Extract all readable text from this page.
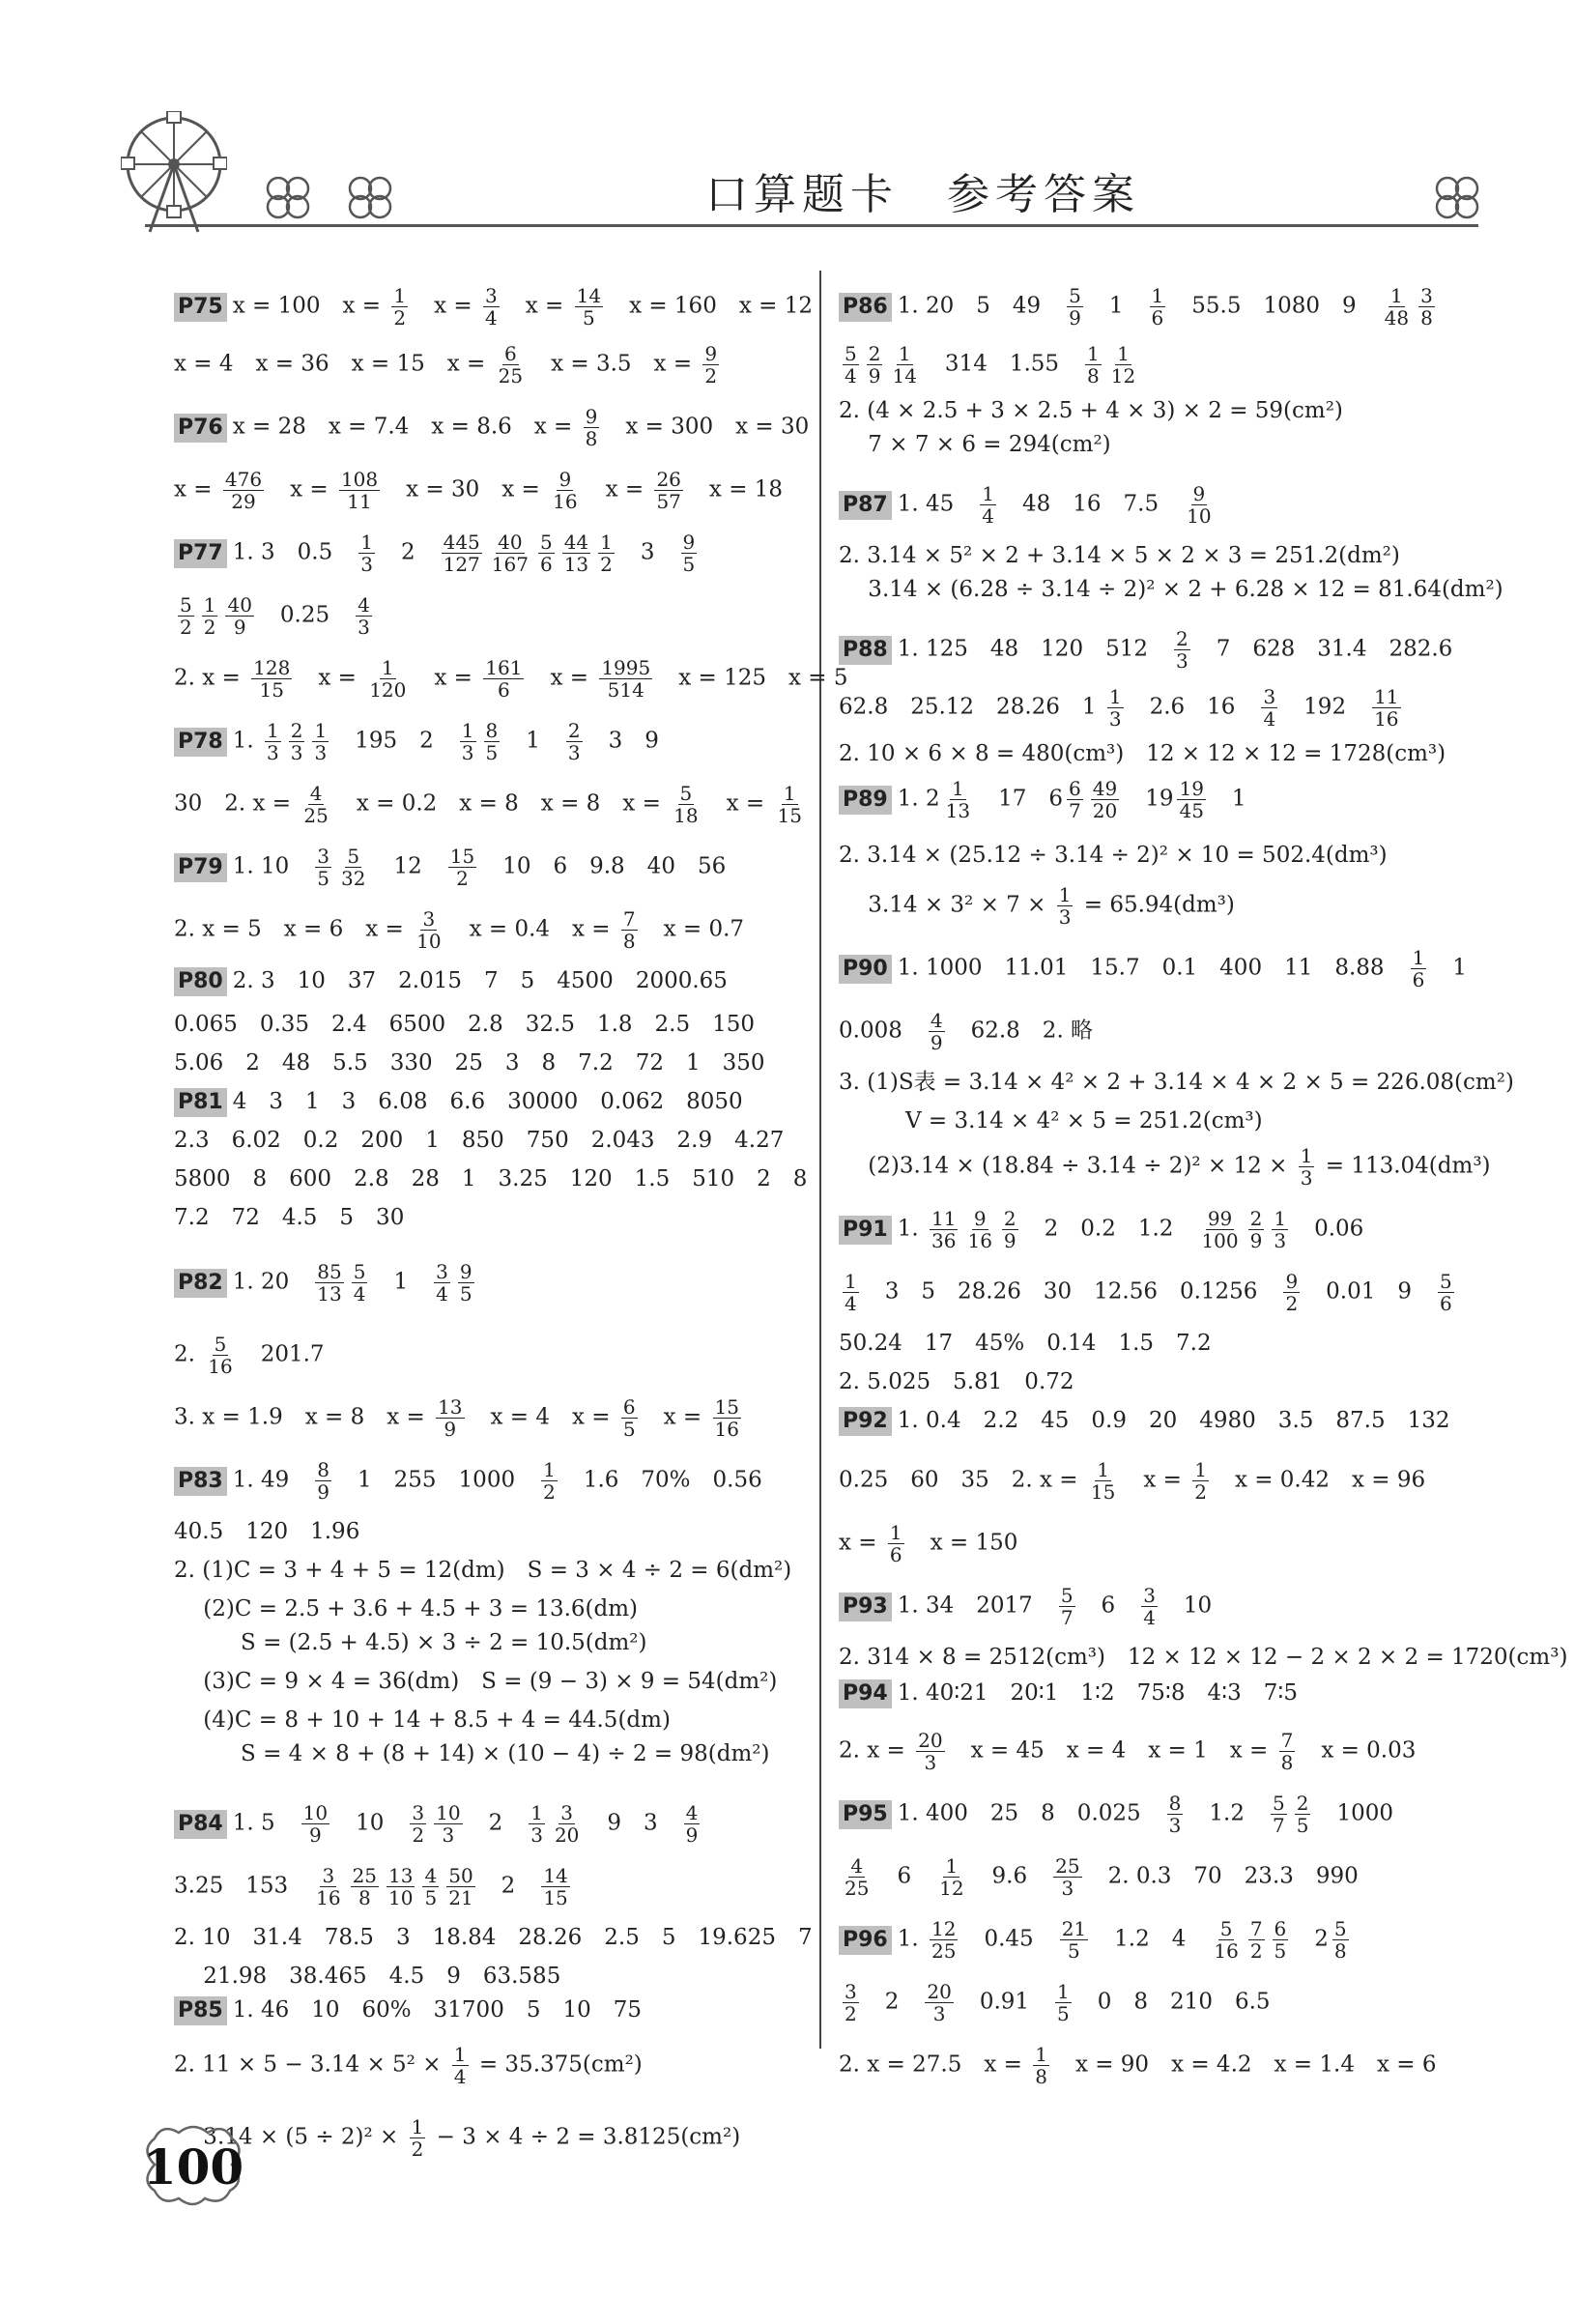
口算题卡　参考答案
P75 x = 100　$x = \frac{1}{2}$ 　$x = \frac{3}{4}$ 　$x = \frac{14}{5}$ 　x = 160　x = 12
x = 4　x = 36　x = 15　$x = \frac{6}{25}$ 　x = 3.5　$x = \frac{9}{2}$
P76 x = 28　x = 7.4　x = 8.6　$x = \frac{9}{8}$ 　x = 300　x = 30
$x = \frac{476}{29}$ 　$x = \frac{108}{11}$ 　x = 30　$x = \frac{9}{16}$ 　$x = \frac{26}{57}$ 　x = 18
P77 1. 3　0.5　 $\frac{1}{3}$ 　2　 $\frac{445}{127} \frac{40}{167} \frac{5}{6} \frac{44}{13} \frac{1}{2}$ 　3　 $\frac{9}{5}$
$\frac{5}{2} \frac{1}{2} \frac{40}{9}$ 　0.25　 $\frac{4}{3}$
2. $x = \frac{128}{15}$ 　$x = \frac{1}{120}$ 　$x = \frac{161}{6}$ 　$x = \frac{1995}{514}$ 　x = 125　x = 5
P78 1. $\frac{1}{3} \frac{2}{3} \frac{1}{3}$ 　195　2　 $\frac{1}{3} \frac{8}{5}$ 　1　 $\frac{2}{3}$ 　3　9
30　2. $x = \frac{4}{25}$ 　x = 0.2　x = 8　x = 8　$x = \frac{5}{18}$ 　$x = \frac{1}{15}$
P79 1. 10　 $\frac{3}{5} \frac{5}{32}$ 　12　 $\frac{15}{2}$ 　10　6　9.8　40　56
2. x = 5　x = 6　$x = \frac{3}{10}$ 　x = 0.4　$x = \frac{7}{8}$ 　x = 0.7
P80 2. 3　10　37　2.015　7　5　4500　2000.65
0.065　0.35　2.4　6500　2.8　32.5　1.8　2.5　150
5.06　2　48　5.5　330　25　3　8　7.2　72　1　350
P81 4　3　1　3　6.08　6.6　30000　0.062　8050
2.3　6.02　0.2　200　1　850　750　2.043　2.9　4.27
5800　8　600　2.8　28　1　3.25　120　1.5　510　2　8
7.2　72　4.5　5　30
P82 1. 20　 $\frac{85}{13} \frac{5}{4}$ 　1　 $\frac{3}{4} \frac{9}{5}$
2. $\frac{5}{16}$ 　201.7
3. x = 1.9　x = 8　$x = \frac{13}{9}$ 　x = 4　$x = \frac{6}{5}$ 　$x = \frac{15}{16}$
P83 1. 49　 $\frac{8}{9}$ 　1　255　1000　 $\frac{1}{2}$ 　1.6　70%　0.56
40.5　120　1.96
2. (1)C = 3 + 4 + 5 = 12(dm)　S = 3 × 4 ÷ 2 = 6(dm²)
　 (2)C = 2.5 + 3.6 + 4.5 + 3 = 13.6(dm)
　　　S = (2.5 + 4.5) × 3 ÷ 2 = 10.5(dm²)
　 (3)C = 9 × 4 = 36(dm)　S = (9 − 3) × 9 = 54(dm²)
　 (4)C = 8 + 10 + 14 + 8.5 + 4 = 44.5(dm)
　　　S = 4 × 8 + (8 + 14) × (10 − 4) ÷ 2 = 98(dm²)
P84 1. 5　 $\frac{10}{9}$ 　10　 $\frac{3}{2} \frac{10}{3}$ 　2　 $\frac{1}{3} \frac{3}{20}$ 　9　3　 $\frac{4}{9}$
3.25　153　 $\frac{3}{16} \frac{25}{8} \frac{13}{10} \frac{4}{5} \frac{50}{21}$ 　2　 $\frac{14}{15}$
2. 10　31.4　78.5　3　18.84　28.26　2.5　5　19.625　7
　 21.98　38.465　4.5　9　63.585
P85 1. 46　10　60%　31700　5　10　75
2. $11 \times 5 - 3.14 \times 5^2 \times \frac{1}{4} = 35.375(cm^2)$
　 $3.14 \times (5 \div 2)^2 \times \frac{1}{2} - 3 \times 4 \div 2 = 3.8125(cm^2)$
P86 1. 20　5　49　 $\frac{5}{9}$ 　1　 $\frac{1}{6}$ 　55.5　1080　9　 $\frac{1}{48} \frac{3}{8}$
$\frac{5}{4} \frac{2}{9} \frac{1}{14}$ 　314　1.55　 $\frac{1}{8} \frac{1}{12}$
2. (4 × 2.5 + 3 × 2.5 + 4 × 3) × 2 = 59(cm²)
　 7 × 7 × 6 = 294(cm²)
P87 1. 45　 $\frac{1}{4}$ 　48　16　7.5　 $\frac{9}{10}$
2. 3.14 × 5² × 2 + 3.14 × 5 × 2 × 3 = 251.2(dm²)
　 3.14 × (6.28 ÷ 3.14 ÷ 2)² × 2 + 6.28 × 12 = 81.64(dm²)
P88 1. 125　48　120　512　 $\frac{2}{3}$ 　7　628　31.4　282.6
62.8　25.12　28.26　$1 \frac{1}{3}$ 　2.6　16　 $\frac{3}{4}$ 　192　 $\frac{11}{16}$
2. 10 × 6 × 8 = 480(cm³)　12 × 12 × 12 = 1728(cm³)
P89 1. $2 \frac{1}{13}$ 　17　$6 \frac{6}{7} \frac{49}{20}$ 　$19 \frac{19}{45}$ 　1
2. 3.14 × (25.12 ÷ 3.14 ÷ 2)² × 10 = 502.4(dm³)
　 $3.14 \times 3^2 \times 7 \times \frac{1}{3} = 65.94(dm^3)$
P90 1. 1000　11.01　15.7　0.1　400　11　8.88　 $\frac{1}{6}$ 　1
0.008　 $\frac{4}{9}$ 　62.8　2. 略
3. (1)S表 = 3.14 × 4² × 2 + 3.14 × 4 × 2 × 5 = 226.08(cm²)
　　　V = 3.14 × 4² × 5 = 251.2(cm³)
　 $(2)3.14 \times (18.84 \div 3.14 \div 2)^2 \times 12 \times \frac{1}{3} = 113.04(dm^3)$
P91 1. $\frac{11}{36} \frac{9}{16} \frac{2}{9}$ 　2　0.2　1.2　 $\frac{99}{100} \frac{2}{9} \frac{1}{3}$ 　0.06
$\frac{1}{4}$ 　3　5　28.26　30　12.56　0.1256　 $\frac{9}{2}$ 　0.01　9　 $\frac{5}{6}$
50.24　17　45%　0.14　1.5　7.2
2. 5.025　5.81　0.72
P92 1. 0.4　2.2　45　0.9　20　4980　3.5　87.5　132
0.25　60　35　2. $x = \frac{1}{15}$ 　$x = \frac{1}{2}$ 　x = 0.42　x = 96
$x = \frac{1}{6}$ 　x = 150
P93 1. 34　2017　 $\frac{5}{7}$ 　6　 $\frac{3}{4}$ 　10
2. 314 × 8 = 2512(cm³)　12 × 12 × 12 − 2 × 2 × 2 = 1720(cm³)
P94 1. 40∶21　20∶1　1∶2　75∶8　4∶3　7∶5
2. $x = \frac{20}{3}$ 　x = 45　x = 4　x = 1　$x = \frac{7}{8}$ 　x = 0.03
P95 1. 400　25　8　0.025　 $\frac{8}{3}$ 　1.2　 $\frac{5}{7} \frac{2}{5}$ 　1000
$\frac{4}{25}$ 　6　 $\frac{1}{12}$ 　9.6　 $\frac{25}{3}$ 　2. 0.3　70　23.3　990
P96 1. $\frac{12}{25}$ 　0.45　 $\frac{21}{5}$ 　1.2　4　 $\frac{5}{16} \frac{7}{2} \frac{6}{5}$ 　$2 \frac{5}{8}$
$\frac{3}{2}$ 　2　 $\frac{20}{3}$ 　0.91　 $\frac{1}{5}$ 　0　8　210　6.5
2. x = 27.5　$x = \frac{1}{8}$ 　x = 90　x = 4.2　x = 1.4　x = 6
100
